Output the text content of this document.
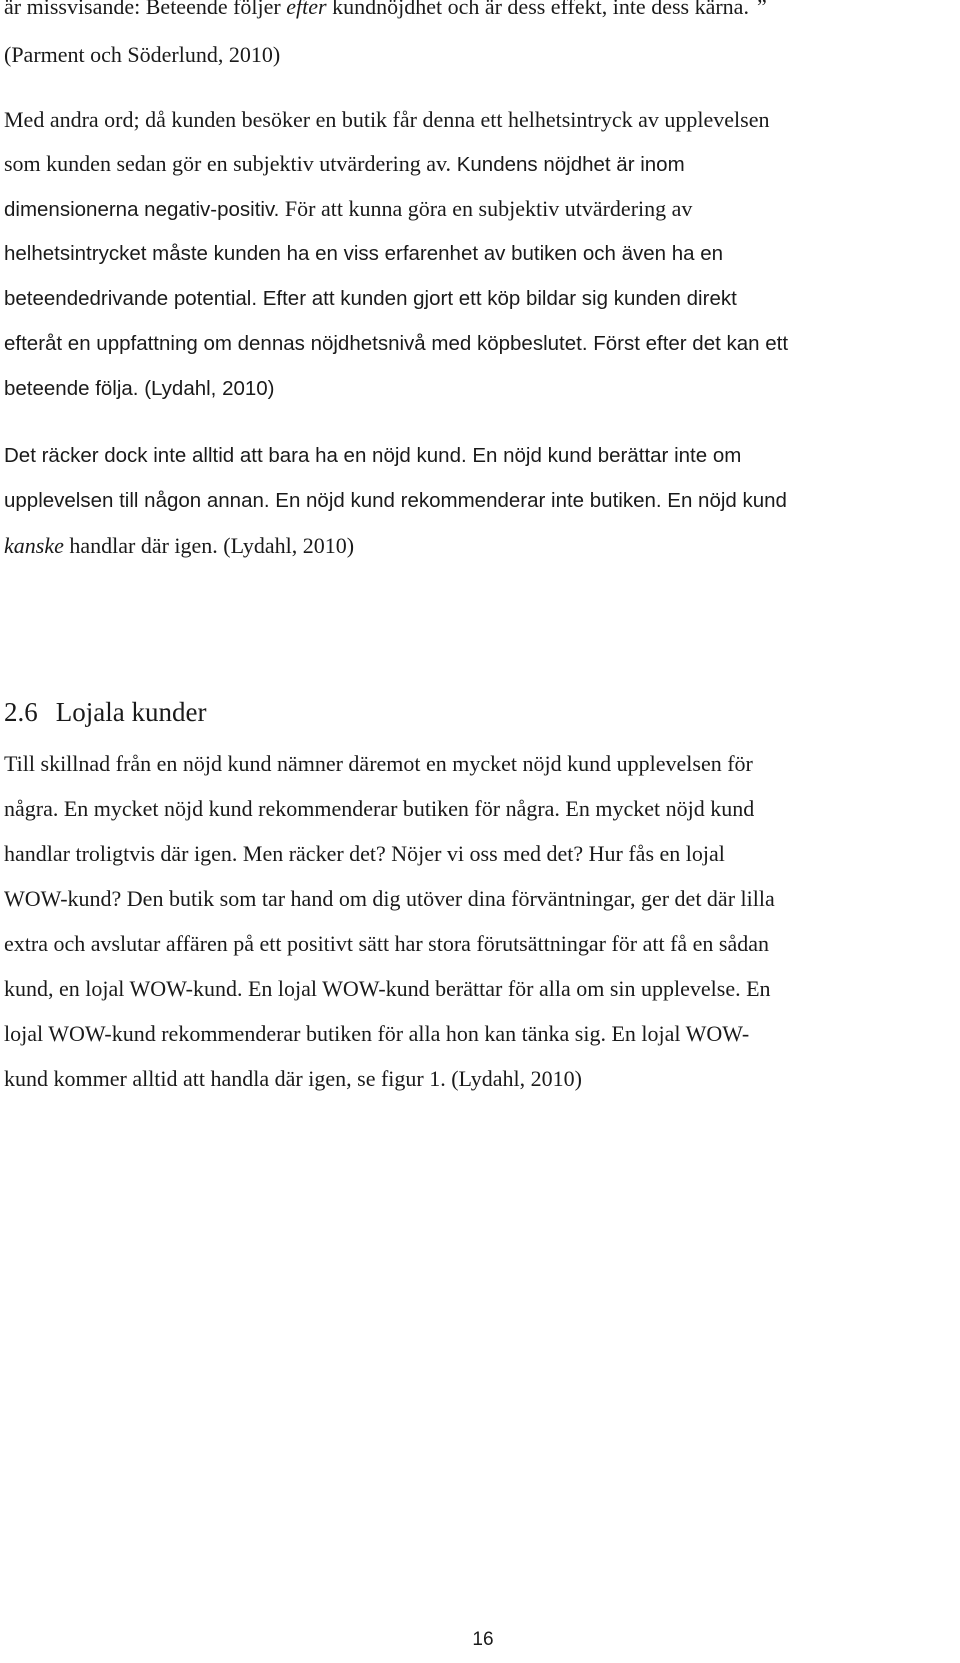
är missvisande: Beteende följer efter kundnöjdhet och är dess effekt, inte dess kärna. ”
(Parment och Söderlund, 2010)
Med andra ord; då kunden besöker en butik får denna ett helhetsintryck av upplevelsen
som kunden sedan gör en subjektiv utvärdering av. Kundens nöjdhet är inom
dimensionerna negativ-positiv. För att kunna göra en subjektiv utvärdering av
helhetsintrycket måste kunden ha en viss erfarenhet av butiken och även ha en
beteendedrivande potential. Efter att kunden gjort ett köp bildar sig kunden direkt
efteråt en uppfattning om dennas nöjdhetsnivå med köpbeslutet. Först efter det kan ett
beteende följa. (Lydahl, 2010)
Det räcker dock inte alltid att bara ha en nöjd kund. En nöjd kund berättar inte om
upplevelsen till någon annan. En nöjd kund rekommenderar inte butiken. En nöjd kund
kanske handlar där igen. (Lydahl, 2010)
2.6 Lojala kunder
Till skillnad från en nöjd kund nämner däremot en mycket nöjd kund upplevelsen för
några. En mycket nöjd kund rekommenderar butiken för några. En mycket nöjd kund
handlar troligtvis där igen. Men räcker det? Nöjer vi oss med det? Hur fås en lojal
WOW-kund? Den butik som tar hand om dig utöver dina förväntningar, ger det där lilla
extra och avslutar affären på ett positivt sätt har stora förutsättningar för att få en sådan
kund, en lojal WOW-kund. En lojal WOW-kund berättar för alla om sin upplevelse. En
lojal WOW-kund rekommenderar butiken för alla hon kan tänka sig. En lojal WOW-
kund kommer alltid att handla där igen, se figur 1. (Lydahl, 2010)
16
